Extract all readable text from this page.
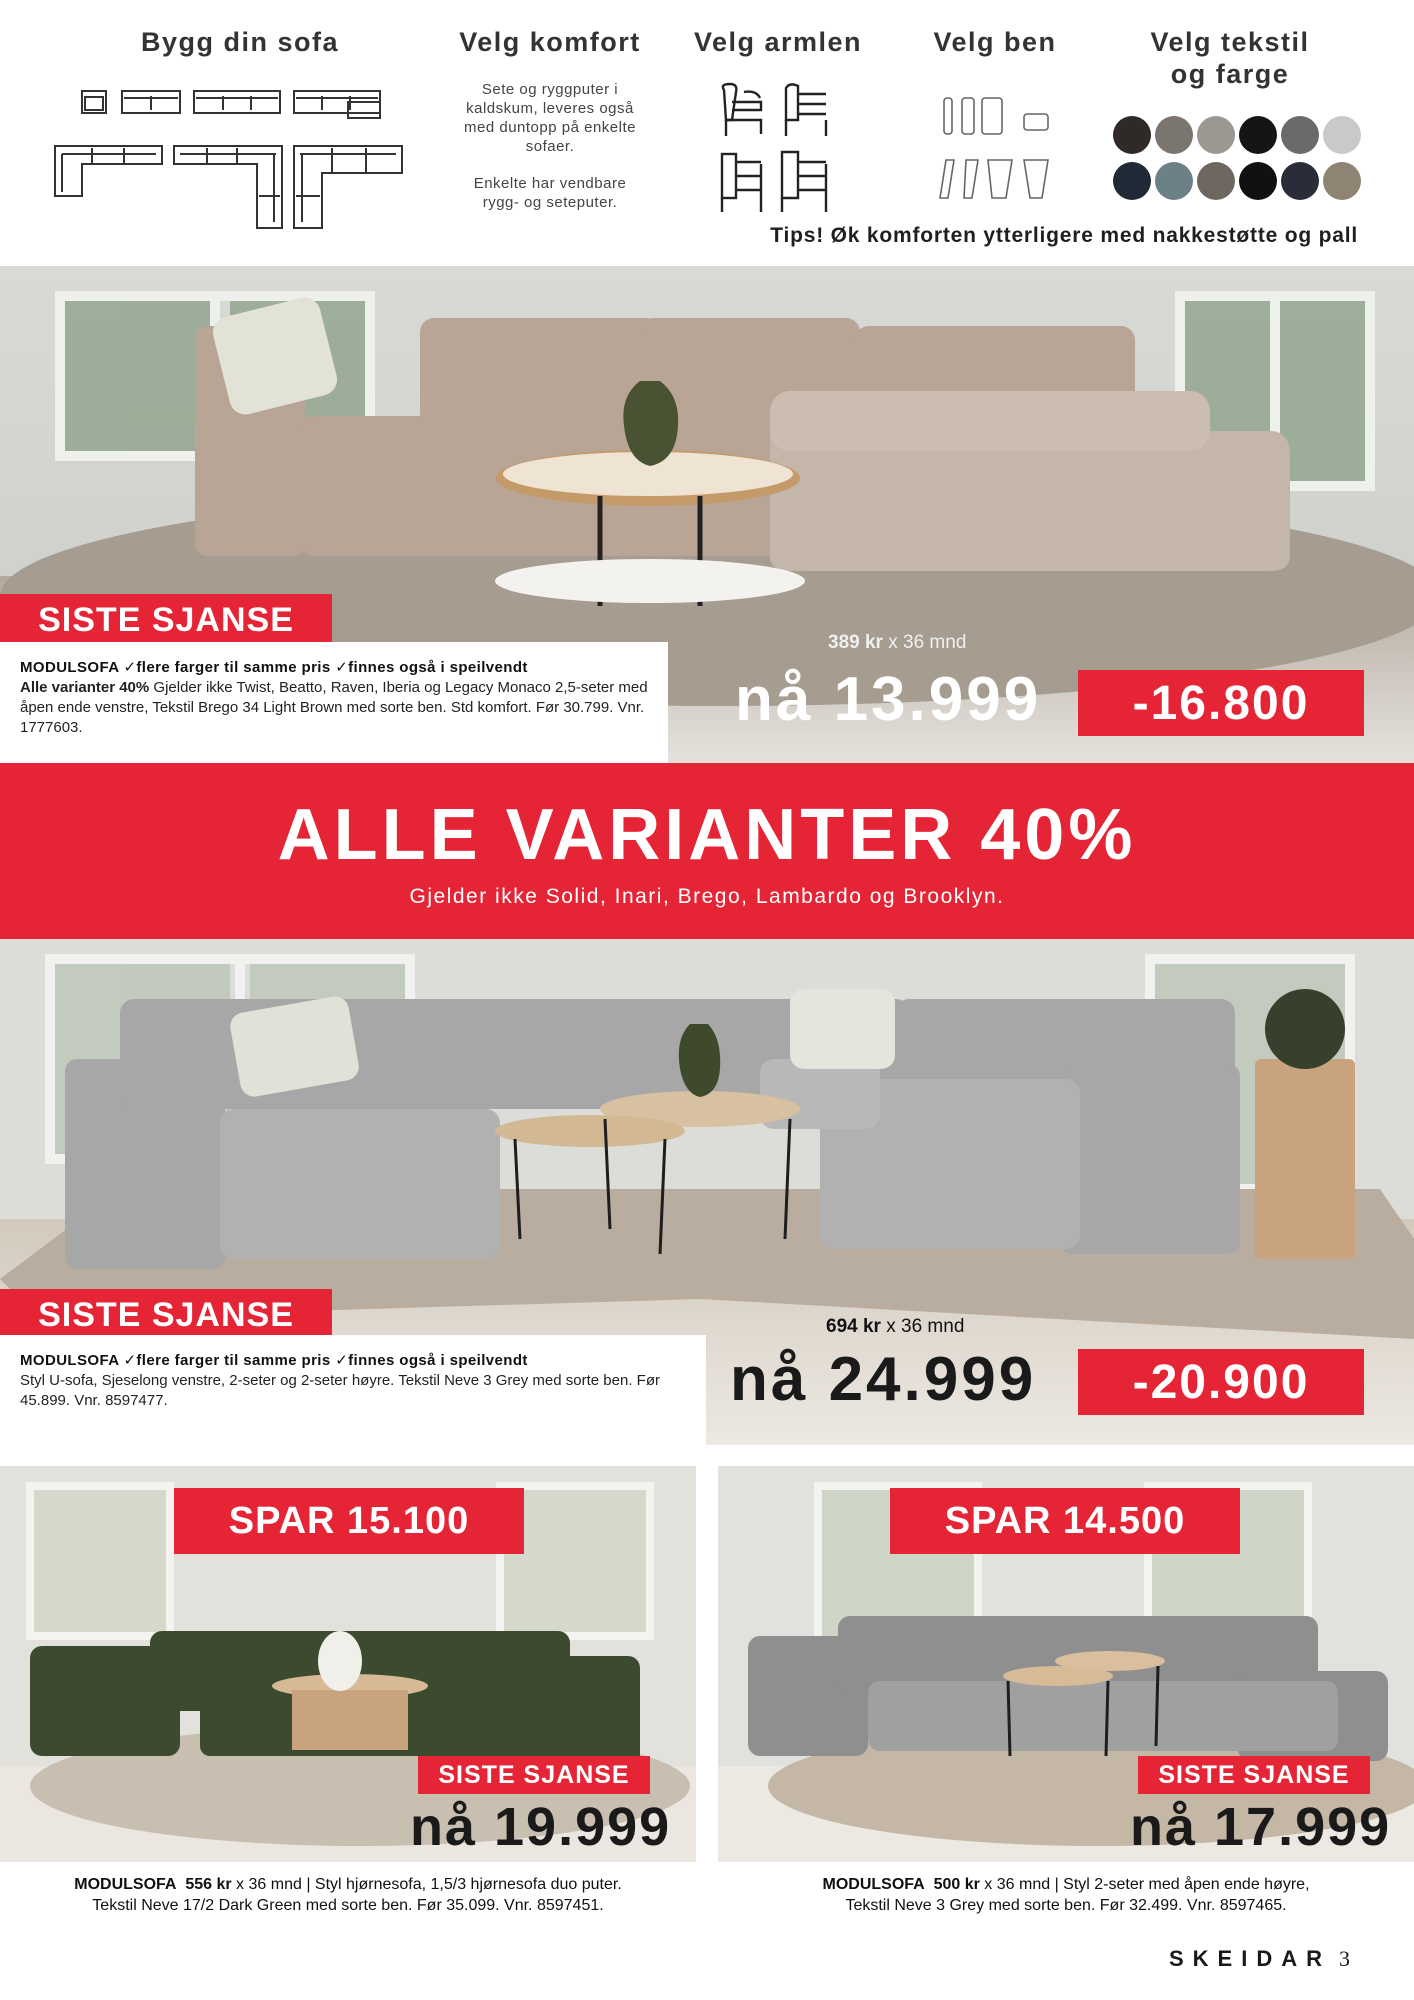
Bygg din sofa	Velg komfort
Sete og ryggputer i
kaldskum, leveres også
med duntopp på enkelte
sofaer.
Enkelte har vendbare
rygg- og seteputer.
Velg armlen	Velg ben	Velg tekstil
og farge
Tips! Øk komforten ytterligere med nakkestøtte og pall
SISTE SJANSE
MODULSOFA ✓flere farger til samme pris ✓finnes også i speilvendt
Alle varianter 40% Gjelder ikke Twist, Beatto, Raven, Iberia og Legacy Monaco 2,5-seter med åpen ende venstre, Tekstil Brego 34 Light Brown med sorte ben. Std komfort. Før 30.799. Vnr. 1777603.
389 kr x 36 mnd
nå 13.999	-16.800
ALLE VARIANTER 40%
Gjelder ikke Solid, Inari, Brego, Lambardo og Brooklyn.
SISTE SJANSE
MODULSOFA ✓flere farger til samme pris ✓finnes også i speilvendt
Styl U-sofa, Sjeselong venstre, 2-seter og 2-seter høyre. Tekstil Neve 3 Grey med sorte ben. Før 45.899. Vnr. 8597477.
694 kr x 36 mnd
nå 24.999	-20.900
SPAR 15.100
SISTE SJANSE
nå 19.999
MODULSOFA 556 kr x 36 mnd | Styl hjørnesofa, 1,5/3 hjørnesofa duo puter.
Tekstil Neve 17/2 Dark Green med sorte ben. Før 35.099. Vnr. 8597451.
SPAR 14.500
SISTE SJANSE
nå 17.999
MODULSOFA 500 kr x 36 mnd | Styl 2-seter med åpen ende høyre,
Tekstil Neve 3 Grey med sorte ben. Før 32.499. Vnr. 8597465.
SKEIDAR 3
